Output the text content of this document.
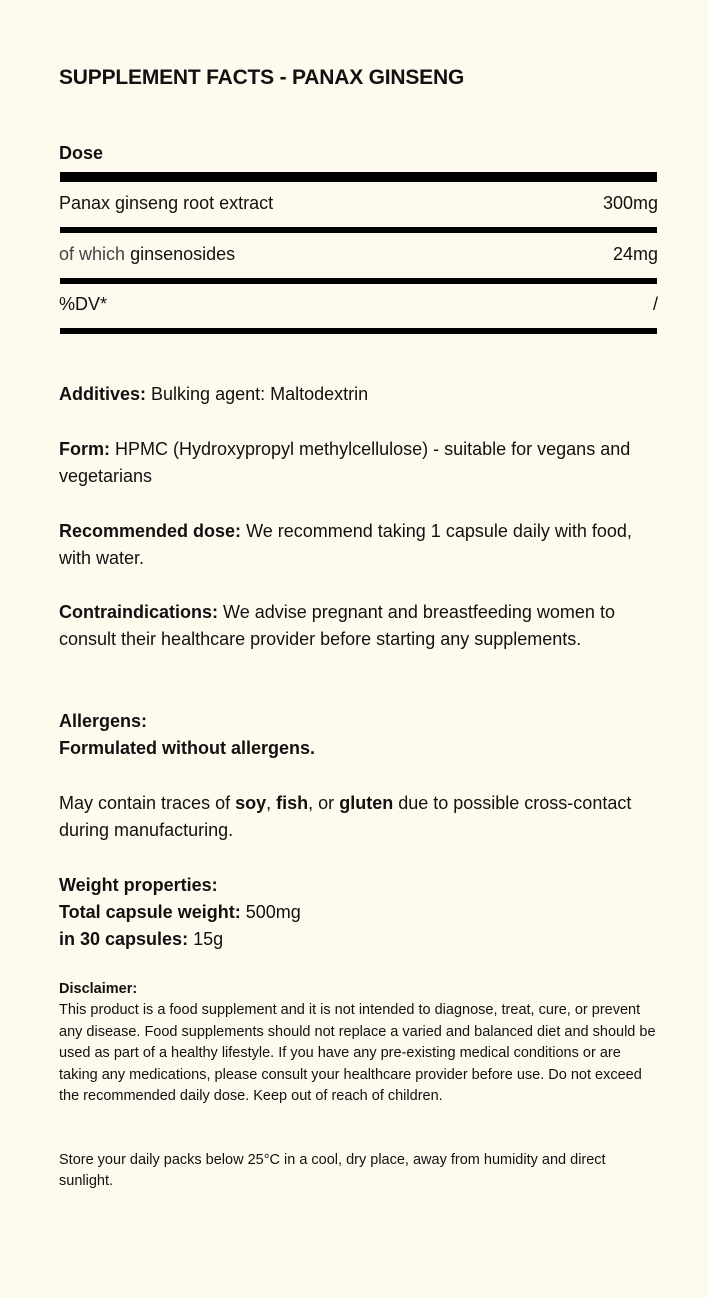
SUPPLEMENT FACTS - PANAX GINSENG
Dose
Panax ginseng root extract	300mg
of which ginsenosides	24mg
%DV*	/
Additives: Bulking agent: Maltodextrin
Form: HPMC (Hydroxypropyl methylcellulose) - suitable for vegans and vegetarians
Recommended dose: We recommend taking 1 capsule daily with food, with water.
Contraindications: We advise pregnant and breastfeeding women to consult their healthcare provider before starting any supplements.
Allergens:
Formulated without allergens.
May contain traces of soy, fish, or gluten due to possible cross-contact during manufacturing.
Weight properties:
Total capsule weight: 500mg
in 30 capsules: 15g
Disclaimer:
This product is a food supplement and it is not intended to diagnose, treat, cure, or prevent any disease. Food supplements should not replace a varied and balanced diet and should be used as part of a healthy lifestyle. If you have any pre-existing medical conditions or are taking any medications, please consult your healthcare provider before use. Do not exceed the recommended daily dose. Keep out of reach of children.
Store your daily packs below 25°C in a cool, dry place, away from humidity and direct sunlight.
